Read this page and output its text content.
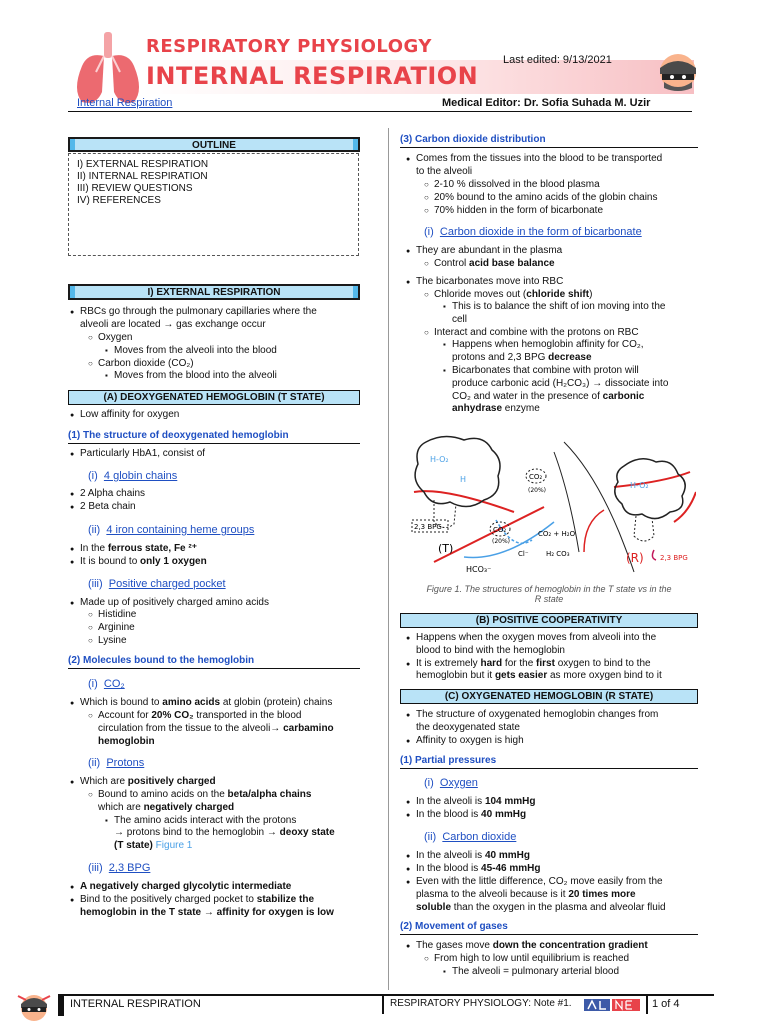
RESPIRATORY PHYSIOLOGY
INTERNAL RESPIRATION
Last edited: 9/13/2021
Internal Respiration	Medical Editor: Dr. Sofia Suhada M. Uzir
OUTLINE
I) EXTERNAL RESPIRATION
II) INTERNAL RESPIRATION
III) REVIEW QUESTIONS
IV) REFERENCES
I) EXTERNAL RESPIRATION
● RBCs go through the pulmonary capillaries where the
alveoli are located → gas exchange occur
○ Oxygen
▪ Moves from the alveoli into the blood
○ Carbon dioxide (CO₂)
▪ Moves from the blood into the alveoli
(A) DEOXYGENATED HEMOGLOBIN (T STATE)
● Low affinity for oxygen
(1) The structure of deoxygenated hemoglobin
● Particularly HbA1, consist of
(i) 4 globin chains
● 2 Alpha chains
● 2 Beta chain
(ii) 4 iron containing heme groups
● In the ferrous state, Fe ²⁺
● It is bound to only 1 oxygen
(iii) Positive charged pocket
● Made up of positively charged amino acids
○ Histidine
○ Arginine
○ Lysine
(2) Molecules bound to the hemoglobin
(i) CO₂
● Which is bound to amino acids at globin (protein) chains
○ Account for 20% CO₂ transported in the blood
circulation from the tissue to the alveoli→ carbamino
hemoglobin
(ii) Protons
● Which are positively charged
○ Bound to amino acids on the beta/alpha chains
which are negatively charged
▪ The amino acids interact with the protons
→ protons bind to the hemoglobin → deoxy state
(T state) Figure 1
(iii) 2,3 BPG
● A negatively charged glycolytic intermediate
● Bind to the positively charged pocket to stabilize the
hemoglobin in the T state → affinity for oxygen is low
(3) Carbon dioxide distribution
● Comes from the tissues into the blood to be transported
to the alveoli
○ 2-10 % dissolved in the blood plasma
○ 20% bound to the amino acids of the globin chains
○ 70% hidden in the form of bicarbonate
(i) Carbon dioxide in the form of bicarbonate
● They are abundant in the plasma
○ Control acid base balance
● The bicarbonates move into RBC
○ Chloride moves out (chloride shift)
▪ This is to balance the shift of ion moving into the
cell
○ Interact and combine with the protons on RBC
▪ Happens when hemoglobin affinity for CO₂,
protons and 2,3 BPG decrease
▪ Bicarbonates that combine with proton will
produce carbonic acid (H₂CO₃) → dissociate into
CO₂ and water in the presence of carbonic
anhydrase enzyme
H-O₂
H
H-O₂
2,3 BPG
CO₂
(20%)
CO₂
(20%)
CO₂ + H₂O
H₂ CO₃
Cl⁻
HCO₃⁻
(T)
(R) 2,3 BPG
Figure 1. The structures of hemoglobin in the T state vs in the
R state
(B) POSITIVE COOPERATIVITY
● Happens when the oxygen moves from alveoli into the
blood to bind with the hemoglobin
● It is extremely hard for the first oxygen to bind to the
hemoglobin but it gets easier as more oxygen bind to it
(C) OXYGENATED HEMOGLOBIN (R STATE)
● The structure of oxygenated hemoglobin changes from
the deoxygenated state
● Affinity to oxygen is high
(1) Partial pressures
(i) Oxygen
● In the alveoli is 104 mmHg
● In the blood is 40 mmHg
(ii) Carbon dioxide
● In the alveoli is 40 mmHg
● In the blood is 45-46 mmHg
● Even with the little difference, CO₂ move easily from the
plasma to the alveoli because is it 20 times more
soluble than the oxygen in the plasma and alveolar fluid
(2) Movement of gases
● The gases move down the concentration gradient
○ From high to low until equilibrium is reached
▪ The alveoli = pulmonary arterial blood
INTERNAL RESPIRATION	RESPIRATORY PHYSIOLOGY: Note #1.	1 of 4
